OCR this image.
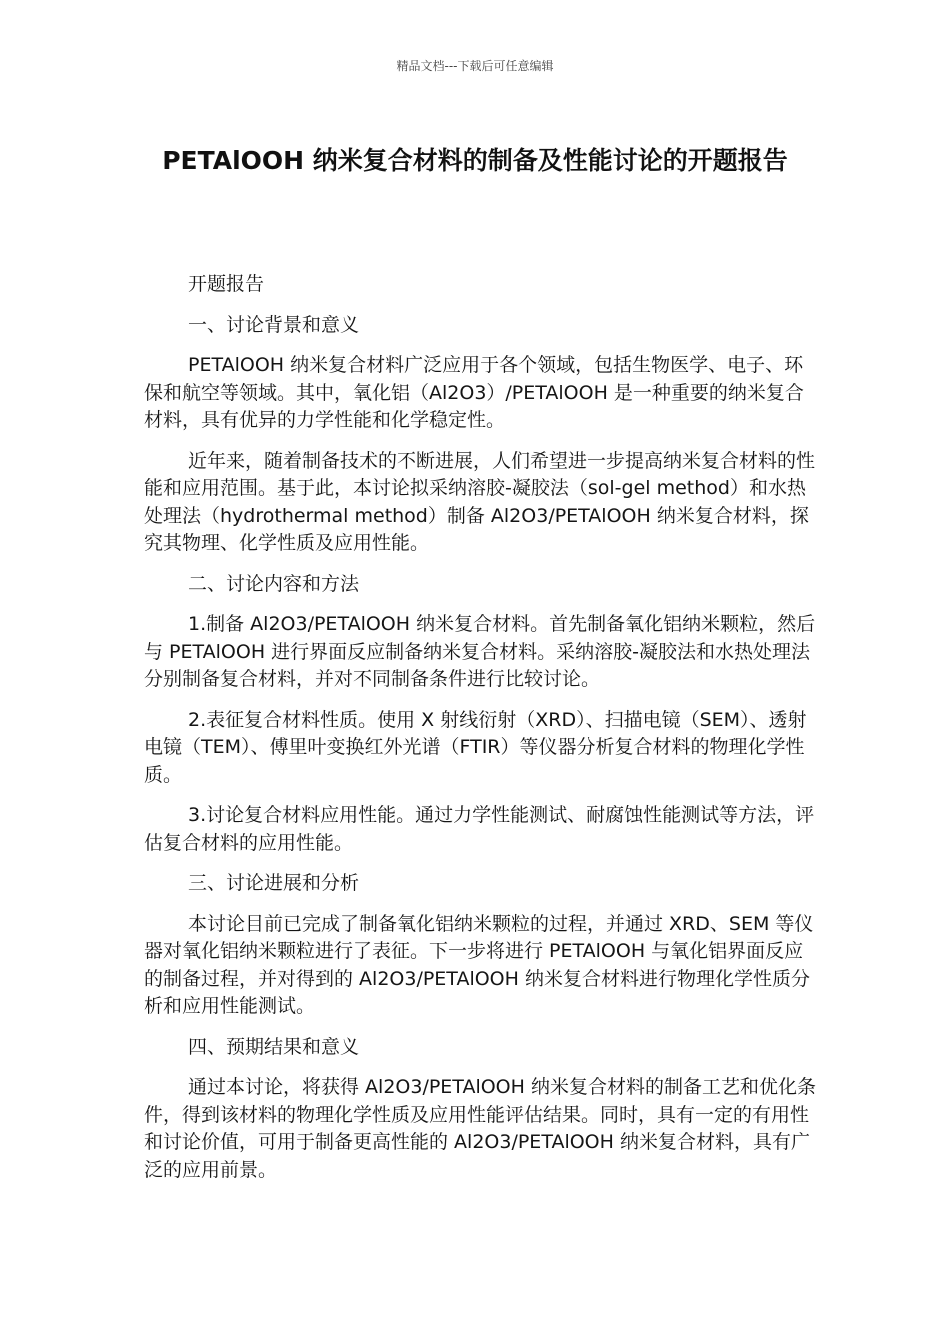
精品文档---下载后可任意编辑
PETAlOOH 纳米复合材料的制备及性能讨论的开题报告

开题报告

一、讨论背景和意义

PETAlOOH 纳米复合材料广泛应用于各个领域，包括生物医学、电子、环保和航空等领域。其中，氧化铝（Al2O3）/PETAlOOH 是一种重要的纳米复合材料，具有优异的力学性能和化学稳定性。

近年来，随着制备技术的不断进展，人们希望进一步提高纳米复合材料的性能和应用范围。基于此，本讨论拟采纳溶胶-凝胶法（sol-gel method）和水热处理法（hydrothermal method）制备 Al2O3/PETAlOOH 纳米复合材料，探究其物理、化学性质及应用性能。

二、讨论内容和方法

1.制备 Al2O3/PETAlOOH 纳米复合材料。首先制备氧化铝纳米颗粒，然后与 PETAlOOH 进行界面反应制备纳米复合材料。采纳溶胶-凝胶法和水热处理法分别制备复合材料，并对不同制备条件进行比较讨论。

2.表征复合材料性质。使用 X 射线衍射（XRD）、扫描电镜（SEM）、透射电镜（TEM）、傅里叶变换红外光谱（FTIR）等仪器分析复合材料的物理化学性质。

3.讨论复合材料应用性能。通过力学性能测试、耐腐蚀性能测试等方法，评估复合材料的应用性能。

三、讨论进展和分析

本讨论目前已完成了制备氧化铝纳米颗粒的过程，并通过 XRD、SEM 等仪器对氧化铝纳米颗粒进行了表征。下一步将进行 PETAlOOH 与氧化铝界面反应的制备过程，并对得到的 Al2O3/PETAlOOH 纳米复合材料进行物理化学性质分析和应用性能测试。

四、预期结果和意义

通过本讨论，将获得 Al2O3/PETAlOOH 纳米复合材料的制备工艺和优化条件，得到该材料的物理化学性质及应用性能评估结果。同时，具有一定的有用性和讨论价值，可用于制备更高性能的 Al2O3/PETAlOOH 纳米复合材料，具有广泛的应用前景。
